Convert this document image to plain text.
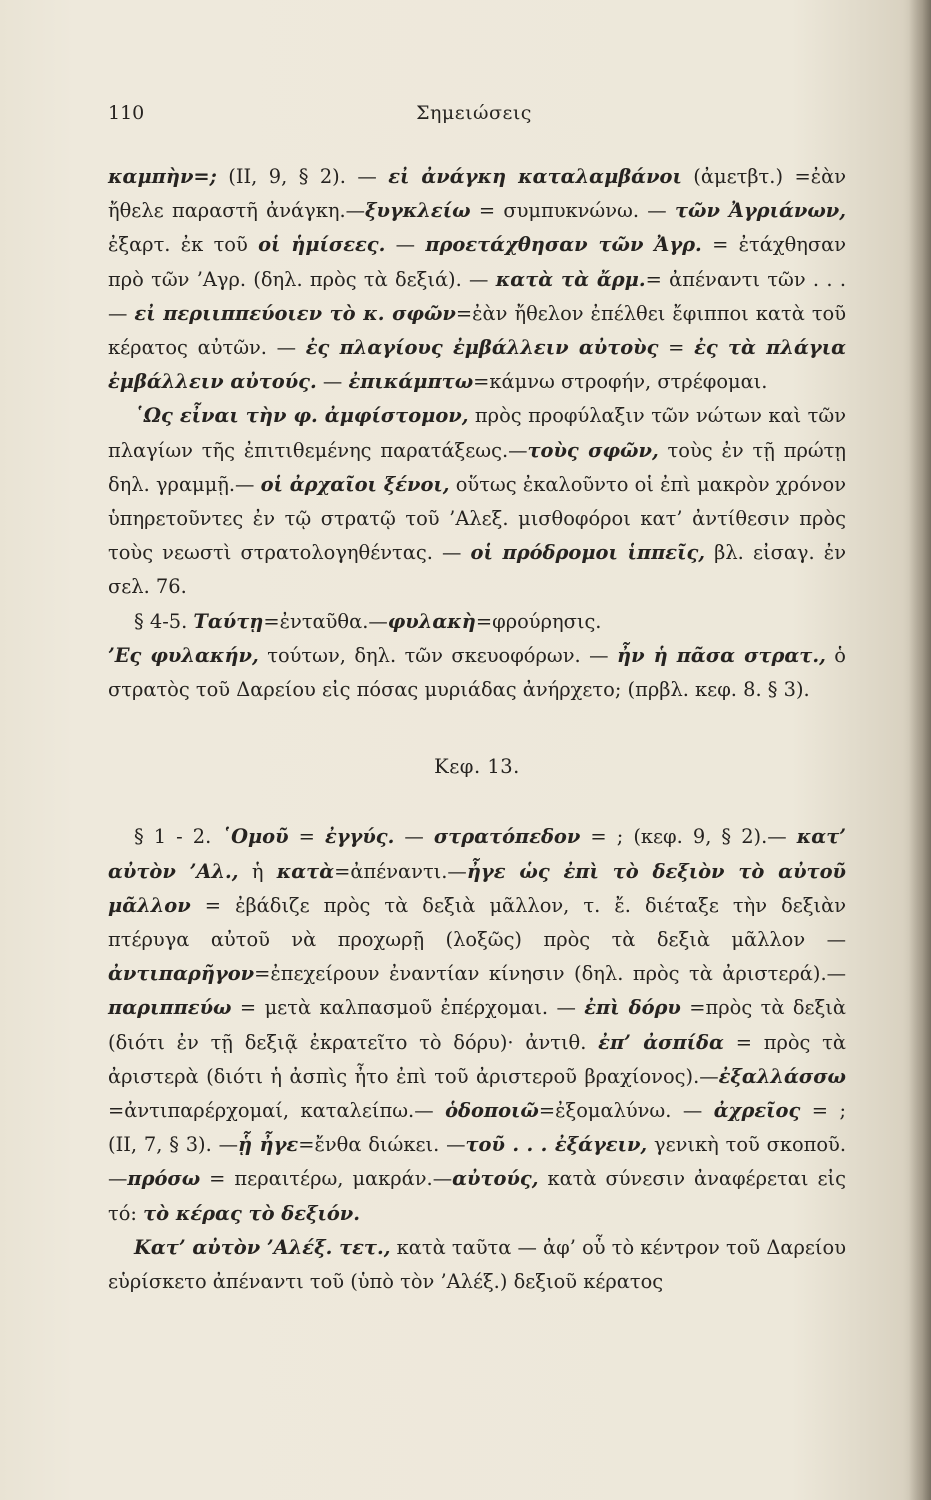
Σημειώσεις
110

καμπὴν=; (ΙΙ, 9, § 2). — εἰ ἀνάγκη καταλαμβάνοι (ἀμετβτ.) =ἐὰν ἤθελε παραστῆ ἀνάγκη.—ξυγκλείω = συμπυκνώνω. — τῶν Ἀγριάνων, ἐξαρτ. ἐκ τοῦ οἱ ἡμίσεες. — προετάχθησαν τῶν Ἀγρ. = ἐτάχθησαν πρὸ τῶν ’Αγρ. (δηλ. πρὸς τὰ δεξιά). — κατὰ τὰ ἄρμ.= ἀπέναντι τῶν . . . — εἰ περιιππεύοιεν τὸ κ. σφῶν=ἐὰν ἤθελον ἐπέλθει ἔφιπποι κατὰ τοῦ κέρατος αὐτῶν. — ἐς πλαγίους ἐμβάλλειν αὐτοὺς = ἐς τὰ πλάγια ἐμβάλλειν αὐτούς. — ἐπικάμπτω=κάμνω στροφήν, στρέφομαι.

῾Ως εἶναι τὴν φ. ἀμφίστομον, πρὸς προφύλαξιν τῶν νώτων καὶ τῶν πλαγίων τῆς ἐπιτιθεμένης παρατάξεως.—τοὺς σφῶν, τοὺς ἐν τῇ πρώτῃ δηλ. γραμμῇ.— οἱ ἀρχαῖοι ξένοι, οὕτως ἐκαλοῦντο οἱ ἐπὶ μακρὸν χρόνον ὑπηρετοῦντες ἐν τῷ στρατῷ τοῦ ’Αλεξ. μισθοφόροι κατ’ ἀντίθεσιν πρὸς τοὺς νεωστὶ στρατολογηθέντας. — οἱ πρόδρομοι ἱππεῖς, βλ. εἰσαγ. ἐν σελ. 76.

§ 4-5. Ταύτῃ=ἐνταῦθα.—φυλακὴ=φρούρησις.

’Ες φυλακήν, τούτων, δηλ. τῶν σκευοφόρων. — ἦν ἡ πᾶσα στρατ., ὁ στρατὸς τοῦ Δαρείου εἰς πόσας μυριάδας ἀνήρχετο; (πρβλ. κεφ. 8. § 3).

Κεφ. 13.

§ 1 - 2. ῾Ομοῦ = ἐγγύς. — στρατόπεδον = ; (κεφ. 9, § 2).— κατ’ αὐτὸν ’Αλ., ἡ κατὰ=ἀπέναντι.—ἦγε ὡς ἐπὶ τὸ δεξιὸν τὸ αὐτοῦ μᾶλλον = ἐβάδιζε πρὸς τὰ δεξιὰ μᾶλλον, τ. ἔ. διέταξε τὴν δεξιὰν πτέρυγα αὐτοῦ νὰ προχωρῇ (λοξῶς) πρὸς τὰ δεξιὰ μᾶλλον —ἀντιπαρῆγον=ἐπεχείρουν ἐναντίαν κίνησιν (δηλ. πρὸς τὰ ἀριστερά).—παριππεύω = μετὰ καλπασμοῦ ἐπέρχομαι. — ἐπὶ δόρυ =πρὸς τὰ δεξιὰ (διότι ἐν τῇ δεξιᾷ ἐκρατεῖτο τὸ δόρυ)· ἀντιθ. ἐπ’ ἀσπίδα = πρὸς τὰ ἀριστερὰ (διότι ἡ ἀσπὶς ἦτο ἐπὶ τοῦ ἀριστεροῦ βραχίονος).—ἐξαλλάσσω =ἀντιπαρέρχομαί, καταλείπω.— ὁδοποιῶ=ἐξομαλύνω. — ἀχρεῖος = ; (ΙΙ, 7, § 3). —ᾗ ἦγε=ἔνθα διώκει. —τοῦ . . . ἐξάγειν, γενικὴ τοῦ σκοποῦ.—πρόσω = περαιτέρω, μακράν.—αὐτούς, κατὰ σύνεσιν ἀναφέρεται εἰς τό: τὸ κέρας τὸ δεξιόν.

Κατ’ αὐτὸν ’Αλέξ. τετ., κατὰ ταῦτα — ἀφ’ οὗ τὸ κέντρον τοῦ Δαρείου εὑρίσκετο ἀπέναντι τοῦ (ὑπὸ τὸν ’Αλέξ.) δεξιοῦ κέρατος
